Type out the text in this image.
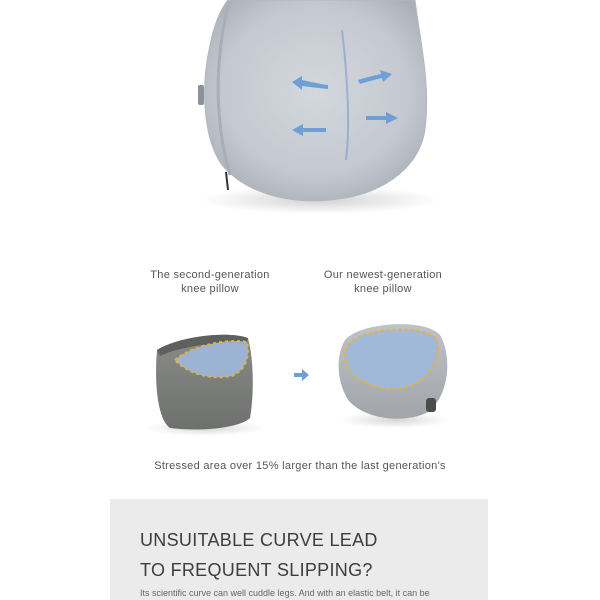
The second-generation
knee pillow
Our newest-generation
knee pillow
Stressed area over 15% larger than the last generation's
UNSUITABLE CURVE LEAD
TO FREQUENT SLIPPING?
Its scientific curve can well cuddle legs. And with an elastic belt, it can be
